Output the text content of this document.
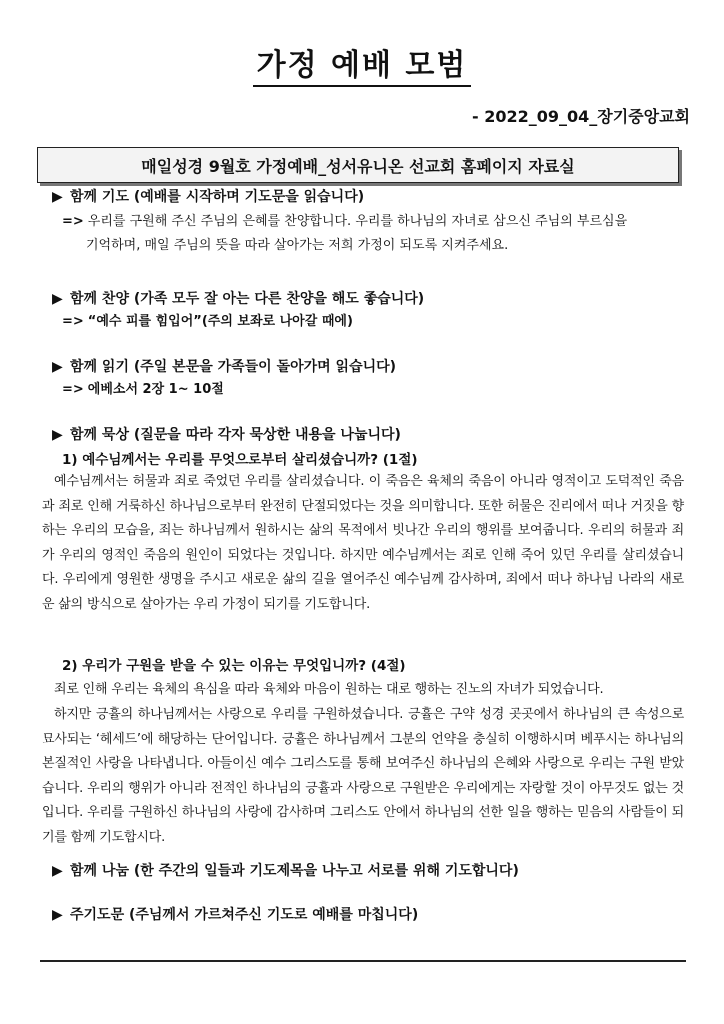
가정 예배 모범
- 2022_09_04_장기중앙교회
매일성경 9월호 가정예배_성서유니온 선교회 홈페이지 자료실
▶ 함께 기도 (예배를 시작하며 기도문을 읽습니다)
=> 우리를 구원해 주신 주님의 은혜를 찬양합니다. 우리를 하나님의 자녀로 삼으신 주님의 부르심을
기억하며, 매일 주님의 뜻을 따라 살아가는 저희 가정이 되도록 지켜주세요.
▶ 함께 찬양 (가족 모두 잘 아는 다른 찬양을 해도 좋습니다)
=> “예수 피를 힘입어”(주의 보좌로 나아갈 때에)
▶ 함께 읽기 (주일 본문을 가족들이 돌아가며 읽습니다)
=> 에베소서 2장 1~ 10절
▶ 함께 묵상 (질문을 따라 각자 묵상한 내용을 나눕니다)
1) 예수님께서는 우리를 무엇으로부터 살리셨습니까? (1절)
예수님께서는 허물과 죄로 죽었던 우리를 살리셨습니다. 이 죽음은 육체의 죽음이 아니라 영적이고 도덕적인 죽음과 죄로 인해 거룩하신 하나님으로부터 완전히 단절되었다는 것을 의미합니다. 또한 허물은 진리에서 떠나 거짓을 향하는 우리의 모습을, 죄는 하나님께서 원하시는 삶의 목적에서 빗나간 우리의 행위를 보여줍니다. 우리의 허물과 죄가 우리의 영적인 죽음의 원인이 되었다는 것입니다. 하지만 예수님께서는 죄로 인해 죽어 있던 우리를 살리셨습니다. 우리에게 영원한 생명을 주시고 새로운 삶의 길을 열어주신 예수님께 감사하며, 죄에서 떠나 하나님 나라의 새로운 삶의 방식으로 살아가는 우리 가정이 되기를 기도합니다.
2) 우리가 구원을 받을 수 있는 이유는 무엇입니까? (4절)
죄로 인해 우리는 육체의 욕심을 따라 육체와 마음이 원하는 대로 행하는 진노의 자녀가 되었습니다.
하지만 긍휼의 하나님께서는 사랑으로 우리를 구원하셨습니다. 긍휼은 구약 성경 곳곳에서 하나님의 큰 속성으로 묘사되는 ‘헤세드’에 해당하는 단어입니다. 긍휼은 하나님께서 그분의 언약을 충실히 이행하시며 베푸시는 하나님의 본질적인 사랑을 나타냅니다. 아들이신 예수 그리스도를 통해 보여주신 하나님의 은혜와 사랑으로 우리는 구원 받았습니다. 우리의 행위가 아니라 전적인 하나님의 긍휼과 사랑으로 구원받은 우리에게는 자랑할 것이 아무것도 없는 것입니다. 우리를 구원하신 하나님의 사랑에 감사하며 그리스도 안에서 하나님의 선한 일을 행하는 믿음의 사람들이 되기를 함께 기도합시다.
▶ 함께 나눔 (한 주간의 일들과 기도제목을 나누고 서로를 위해 기도합니다)
▶ 주기도문 (주님께서 가르쳐주신 기도로 예배를 마칩니다)
